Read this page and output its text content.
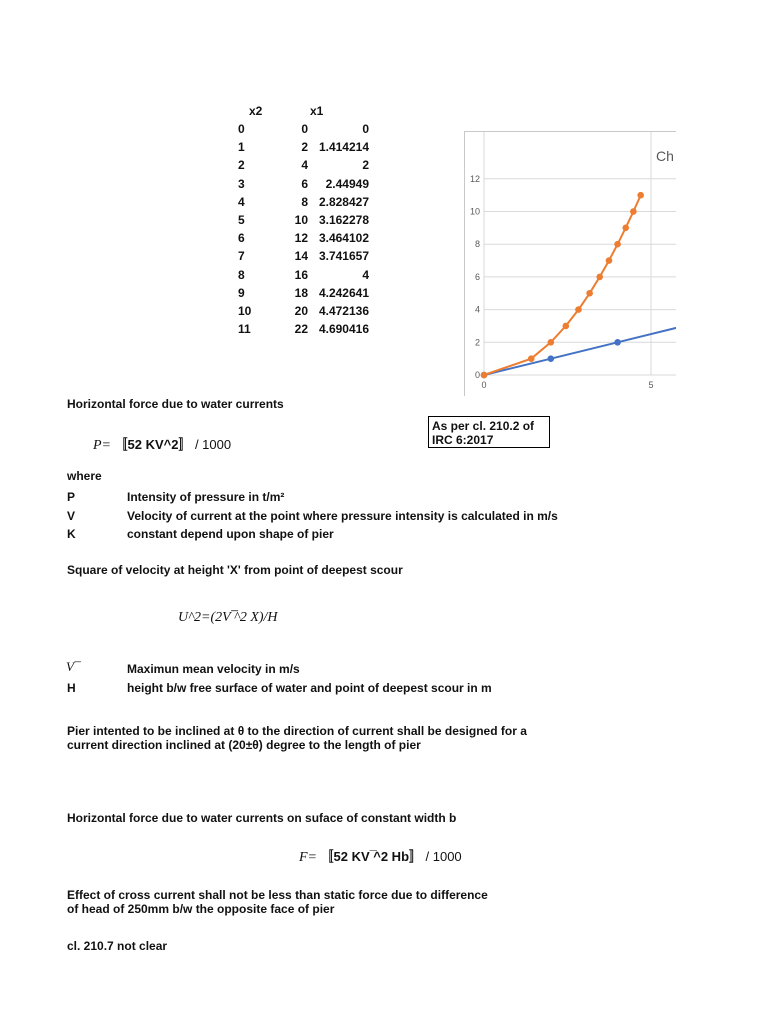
x2	x1
0	0	0
1	2 1.414214
2	4	2
3	6	2.44949
4	8 2.828427
5	10 3.162278
6	12 3.464102
7	14 3.741657
8	16	4
9	18 4.242641
10	20 4.472136
11	22 4.690416
0
2
4
6
8
10
12
0	5
Ch
Horizontal force due to water currents
P= 〚52 KV^2〛 / 1000
As per cl. 210.2 of IRC 6:2017
where
P	Intensity of pressure in t/m²
V	Velocity of current at the point where pressure intensity is calculated in m/s
K	constant depend upon shape of pier
Square of velocity at height 'X' from point of deepest scour
U^2=(2V ̅^2 X)/H
V ̅	Maximun mean velocity in m/s
H	height b/w free surface of water and point of deepest scour in m
Pier intented to be inclined at θ to the direction of current shall be designed for a
current direction inclined at (20±θ) degree to the length of pier
Horizontal force due to water currents on suface of constant width b
F= 〚52 KV ̅^2 Hb〛 / 1000
Effect of cross current shall not be less than static force due to difference
of head of 250mm b/w the opposite face of pier
cl. 210.7 not clear
